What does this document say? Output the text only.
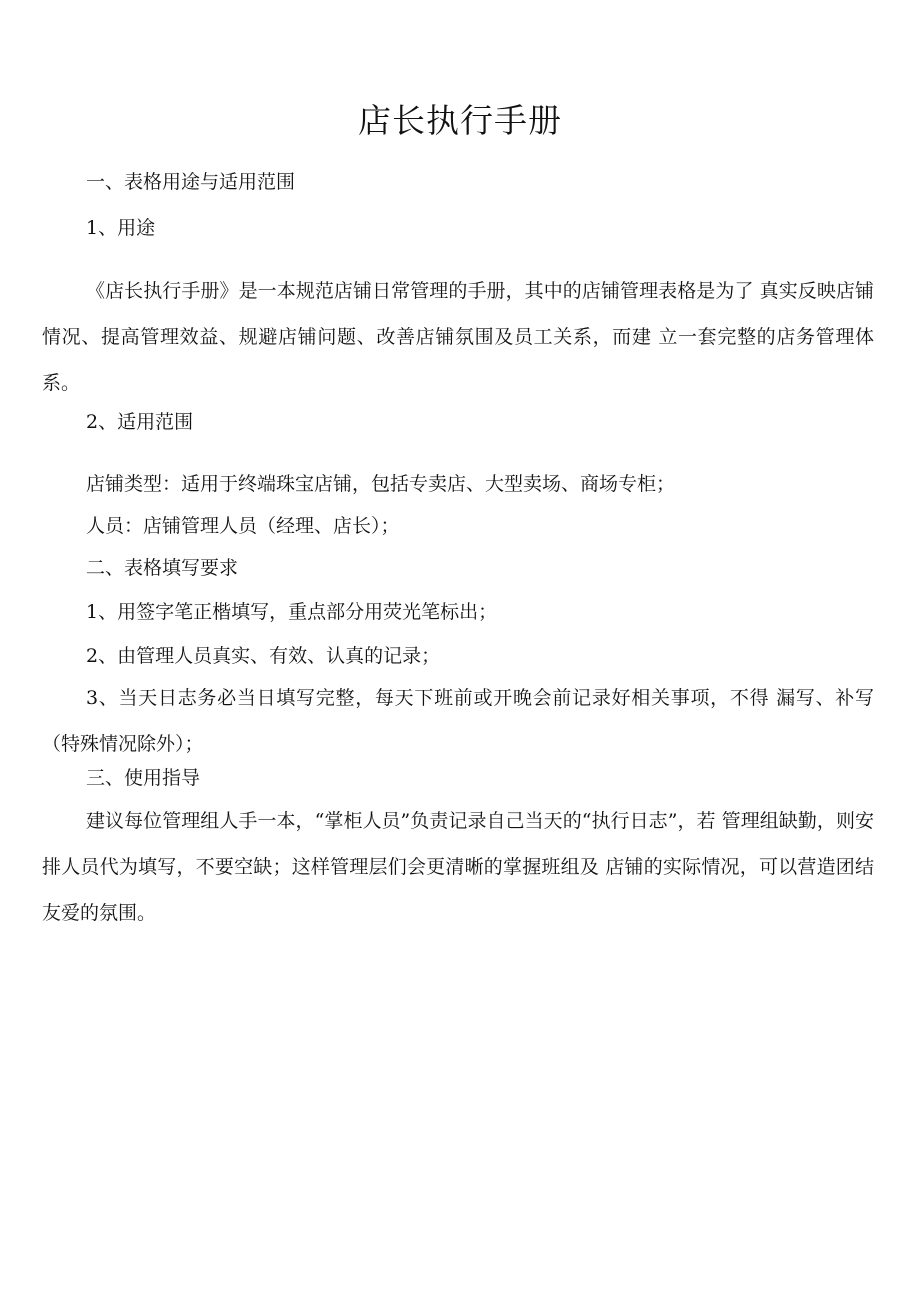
店长执行手册
一、表格用途与适用范围
1、用途
《店长执行手册》是一本规范店铺日常管理的手册，其中的店铺管理表格是为了 真实反映店铺情况、提高管理效益、规避店铺问题、改善店铺氛围及员工关系，而建 立一套完整的店务管理体系。
2、适用范围
店铺类型：适用于终端珠宝店铺，包括专卖店、大型卖场、商场专柜；
人员：店铺管理人员（经理、店长）；
二、表格填写要求
1、用签字笔正楷填写，重点部分用荧光笔标出；
2、由管理人员真实、有效、认真的记录；
3、当天日志务必当日填写完整，每天下班前或开晚会前记录好相关事项，不得 漏写、补写（特殊情况除外）；
三、使用指导
建议每位管理组人手一本，“掌柜人员”负责记录自己当天的“执行日志”，若 管理组缺勤，则安排人员代为填写，不要空缺；这样管理层们会更清晰的掌握班组及 店铺的实际情况，可以营造团结友爱的氛围。
